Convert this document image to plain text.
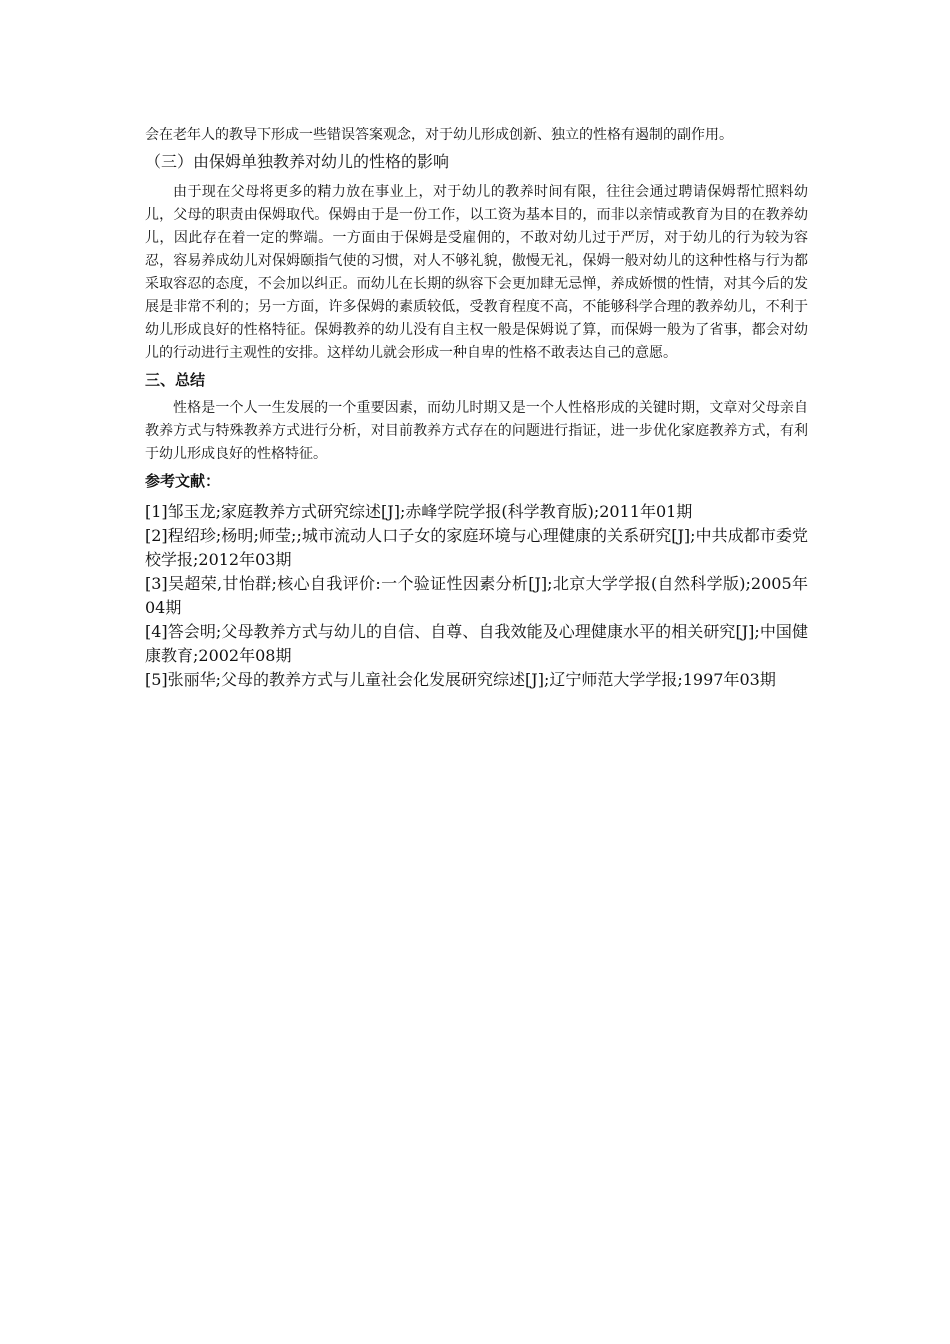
会在老年人的教导下形成一些错误答案观念，对于幼儿形成创新、独立的性格有遏制的副作用。

（三）由保姆单独教养对幼儿的性格的影响

由于现在父母将更多的精力放在事业上，对于幼儿的教养时间有限，往往会通过聘请保姆帮忙照料幼儿，父母的职责由保姆取代。保姆由于是一份工作，以工资为基本目的，而非以亲情或教育为目的在教养幼儿，因此存在着一定的弊端。一方面由于保姆是受雇佣的，不敢对幼儿过于严厉，对于幼儿的行为较为容忍，容易养成幼儿对保姆颐指气使的习惯，对人不够礼貌，傲慢无礼，保姆一般对幼儿的这种性格与行为都采取容忍的态度，不会加以纠正。而幼儿在长期的纵容下会更加肆无忌惮，养成娇惯的性情，对其今后的发展是非常不利的；另一方面，许多保姆的素质较低，受教育程度不高，不能够科学合理的教养幼儿，不利于幼儿形成良好的性格特征。保姆教养的幼儿没有自主权一般是保姆说了算，而保姆一般为了省事，都会对幼儿的行动进行主观性的安排。这样幼儿就会形成一种自卑的性格不敢表达自己的意愿。

三、总结

性格是一个人一生发展的一个重要因素，而幼儿时期又是一个人性格形成的关键时期，文章对父母亲自教养方式与特殊教养方式进行分析，对目前教养方式存在的问题进行指证，进一步优化家庭教养方式，有利于幼儿形成良好的性格特征。

参考文献：

[1]邹玉龙;家庭教养方式研究综述[J];赤峰学院学报(科学教育版);2011年01期
[2]程绍珍;杨明;师莹;;城市流动人口子女的家庭环境与心理健康的关系研究[J];中共成都市委党校学报;2012年03期
[3]吴超荣,甘怡群;核心自我评价:一个验证性因素分析[J];北京大学学报(自然科学版);2005年04期
[4]答会明;父母教养方式与幼儿的自信、自尊、自我效能及心理健康水平的相关研究[J];中国健康教育;2002年08期
[5]张丽华;父母的教养方式与儿童社会化发展研究综述[J];辽宁师范大学学报;1997年03期
